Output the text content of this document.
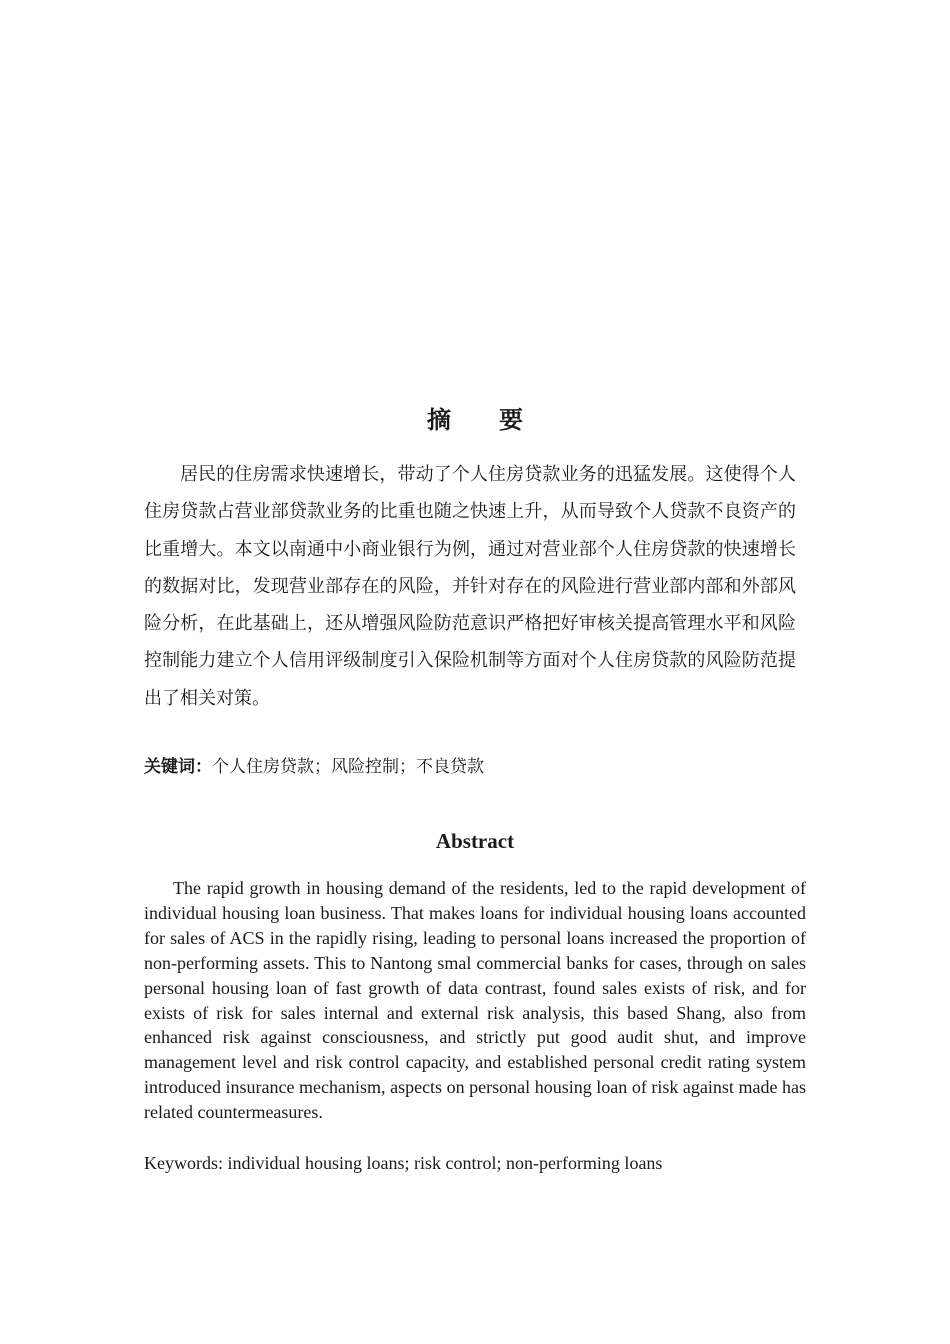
摘要

居民的住房需求快速增长，带动了个人住房贷款业务的迅猛发展。这使得个人住房贷款占营业部贷款业务的比重也随之快速上升，从而导致个人贷款不良资产的比重增大。本文以南通中小商业银行为例，通过对营业部个人住房贷款的快速增长的数据对比，发现营业部存在的风险，并针对存在的风险进行营业部内部和外部风险分析，在此基础上，还从增强风险防范意识严格把好审核关提高管理水平和风险控制能力建立个人信用评级制度引入保险机制等方面对个人住房贷款的风险防范提出了相关对策。

关键词：个人住房贷款；风险控制；不良贷款
Abstract

The rapid growth in housing demand of the residents, led to the rapid development of individual housing loan business. That makes loans for individual housing loans accounted for sales of ACS in the rapidly rising, leading to personal loans increased the proportion of non-performing assets. This to Nantong smal commercial banks for cases, through on sales personal housing loan of fast growth of data contrast, found sales exists of risk, and for exists of risk for sales internal and external risk analysis, this based Shang, also from enhanced risk against consciousness, and strictly put good audit shut, and improve management level and risk control capacity, and established personal credit rating system introduced insurance mechanism, aspects on personal housing loan of risk against made has related countermeasures.

Keywords: individual housing loans; risk control; non-performing loans
